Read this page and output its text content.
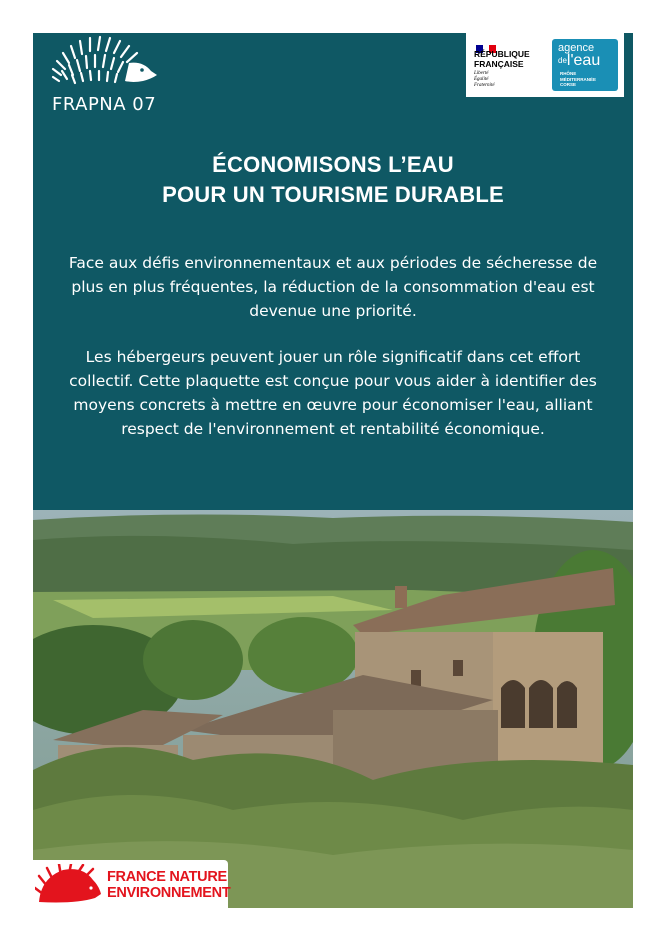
FRAPNA 07
RÉPUBLIQUE
FRANÇAISE
Liberté
Égalité
Fraternité
agence
$^{de}$l'eau
RHÔNE
MÉDITERRANÉE
CORSE
ÉCONOMISONS L’EAU
POUR UN TOURISME DURABLE

Face aux défis environnementaux et aux périodes de sécheresse de plus en plus fréquentes, la réduction de la consommation d'eau est devenue une priorité.

Les hébergeurs peuvent jouer un rôle significatif dans cet effort collectif. Cette plaquette est conçue pour vous aider à identifier des moyens concrets à mettre en œuvre pour économiser l'eau, alliant respect de l'environnement et rentabilité économique.

FRANCE NATURE
ENVIRONNEMENT
